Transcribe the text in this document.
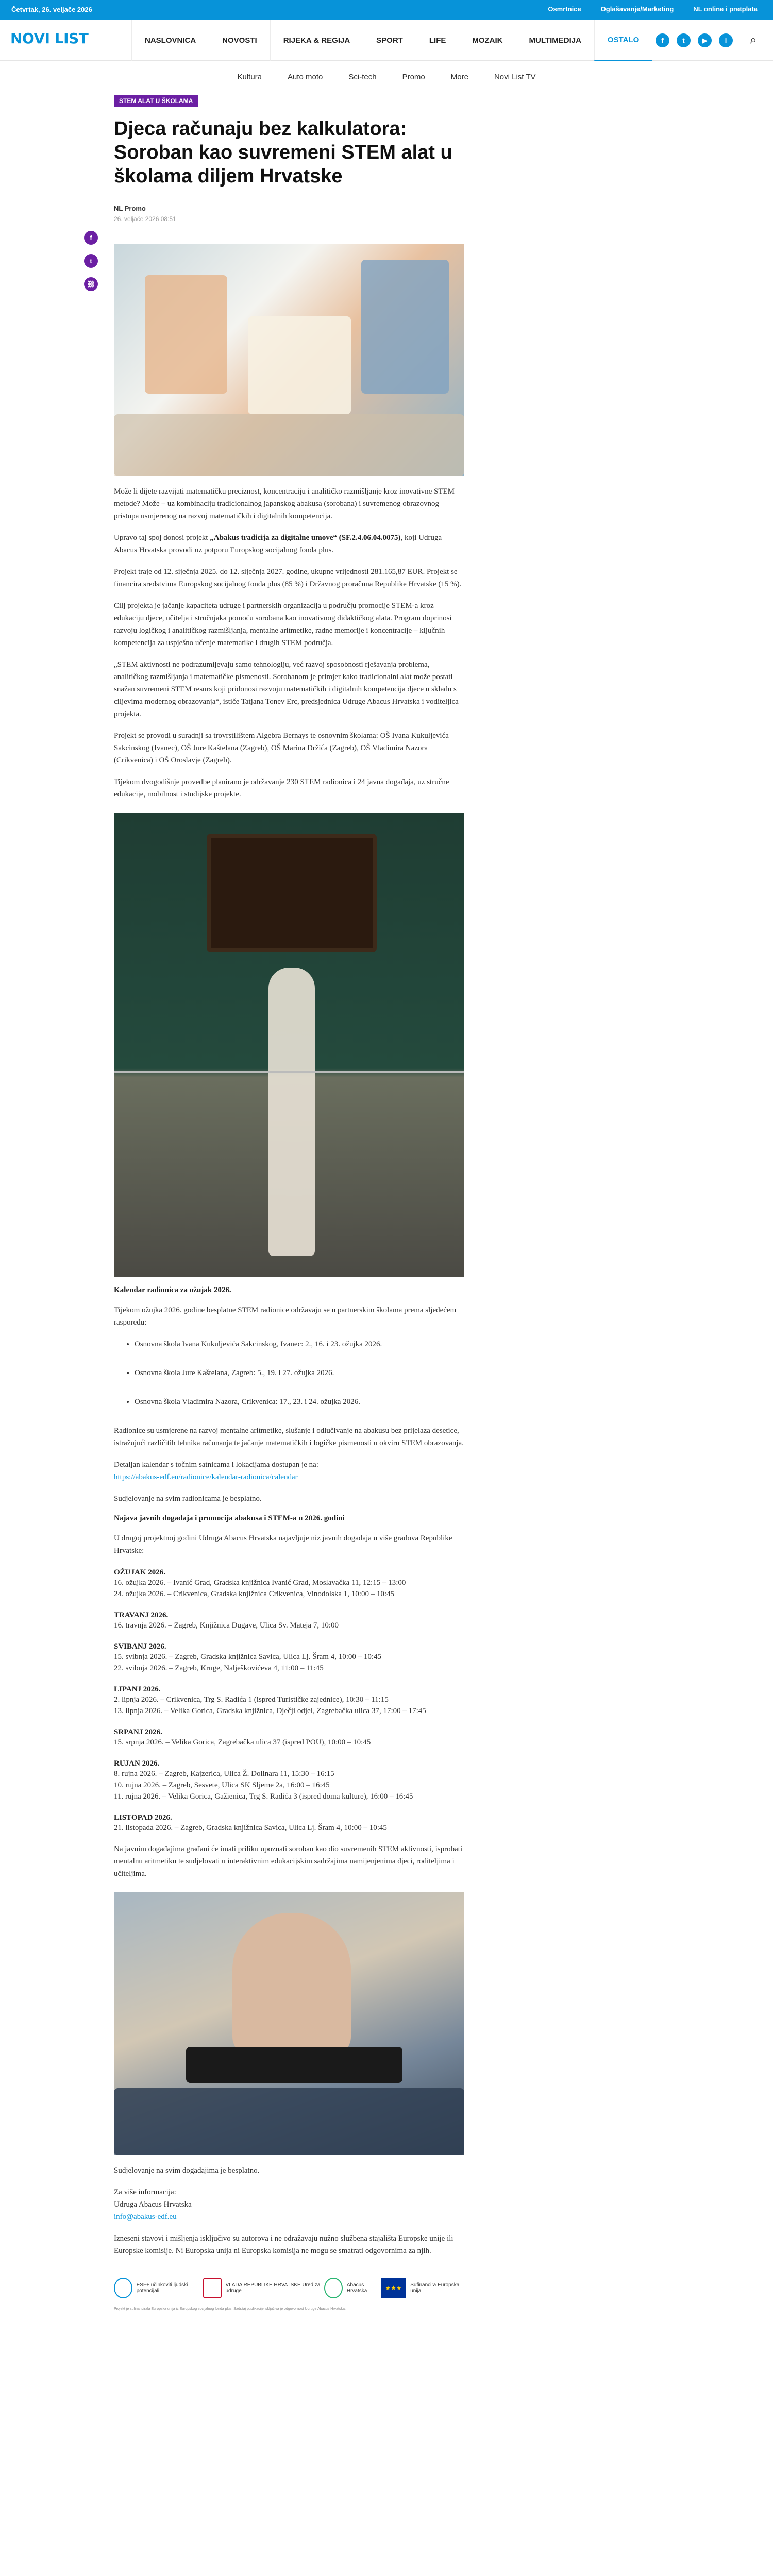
Četvrtak, 26. veljače 2026	Osmrtnice	Oglašavanje/Marketing	NL online i pretplata
NOVI LIST	NASLOVNICA	NOVOSTI	RIJEKA & REGIJA	SPORT	LIFE	MOZAIK	MULTIMEDIJA	OSTALO	f	t	▶	i	⌕
Kultura	Auto moto	Sci-tech	Promo	More	Novi List TV
f
t
⛓
STEM ALAT U ŠKOLAMA
Djeca računaju bez kalkulatora: Soroban kao suvremeni STEM alat u školama diljem Hrvatske
NL Promo
26. veljače 2026 08:51

Može li dijete razvijati matematičku preciznost, koncentraciju i analitičko razmišljanje kroz inovativne STEM metode? Može – uz kombinaciju tradicionalnog japanskog abakusa (sorobana) i suvremenog obrazovnog pristupa usmjerenog na razvoj matematičkih i digitalnih kompetencija.

Upravo taj spoj donosi projekt „Abakus tradicija za digitalne umove“ (SF.2.4.06.04.0075), koji Udruga Abacus Hrvatska provodi uz potporu Europskog socijalnog fonda plus.

Projekt traje od 12. siječnja 2025. do 12. siječnja 2027. godine, ukupne vrijednosti 281.165,87 EUR. Projekt se financira sredstvima Europskog socijalnog fonda plus (85 %) i Državnog proračuna Republike Hrvatske (15 %).

Cilj projekta je jačanje kapaciteta udruge i partnerskih organizacija u području promocije STEM-a kroz edukaciju djece, učitelja i stručnjaka pomoću sorobana kao inovativnog didaktičkog alata. Program doprinosi razvoju logičkog i analitičkog razmišljanja, mentalne aritmetike, radne memorije i koncentracije – ključnih kompetencija za uspješno učenje matematike i drugih STEM područja.

„STEM aktivnosti ne podrazumijevaju samo tehnologiju, već razvoj sposobnosti rješavanja problema, analitičkog razmišljanja i matematičke pismenosti. Sorobanom je primjer kako tradicionalni alat može postati snažan suvremeni STEM resurs koji pridonosi razvoju matematičkih i digitalnih kompetencija djece u skladu s ciljevima modernog obrazovanja“, ističe Tatjana Tonev Erc, predsjednica Udruge Abacus Hrvatska i voditeljica projekta.

Projekt se provodi u suradnji sa trovrstilištem Algebra Bernays te osnovnim školama: OŠ Ivana Kukuljevića Sakcinskog (Ivanec), OŠ Jure Kaštelana (Zagreb), OŠ Marina Držića (Zagreb), OŠ Vladimira Nazora (Crikvenica) i OŠ Oroslavje (Zagreb).

Tijekom dvogodišnje provedbe planirano je održavanje 230 STEM radionica i 24 javna događaja, uz stručne edukacije, mobilnost i studijske projekte.

Kalendar radionica za ožujak 2026.

Tijekom ožujka 2026. godine besplatne STEM radionice održavaju se u partnerskim školama prema sljedećem rasporedu:

• Osnovna škola Ivana Kukuljevića Sakcinskog, Ivanec: 2., 16. i 23. ožujka 2026.
• Osnovna škola Jure Kaštelana, Zagreb: 5., 19. i 27. ožujka 2026.
• Osnovna škola Vladimira Nazora, Crikvenica: 17., 23. i 24. ožujka 2026.

Radionice su usmjerene na razvoj mentalne aritmetike, slušanje i odlučivanje na abakusu bez prijelaza desetice, istražujući različitih tehnika računanja te jačanje matematičkih i logičke pismenosti u okviru STEM obrazovanja.

Detaljan kalendar s točnim satnicama i lokacijama dostupan je na:
https://abakus-edf.eu/radionice/kalendar-radionica/calendar

Sudjelovanje na svim radionicama je besplatno.

Najava javnih događaja i promocija abakusa i STEM-a u 2026. godini

U drugoj projektnoj godini Udruga Abacus Hrvatska najavljuje niz javnih događaja u više gradova Republike Hrvatske:

OŽUJAK 2026.
16. ožujka 2026. – Ivanić Grad, Gradska knjižnica Ivanić Grad, Moslavačka 11, 12:15 – 13:00
24. ožujka 2026. – Crikvenica, Gradska knjižnica Crikvenica, Vinodolska 1, 10:00 – 10:45
TRAVANJ 2026.
16. travnja 2026. – Zagreb, Knjižnica Dugave, Ulica Sv. Mateja 7, 10:00
SVIBANJ 2026.
15. svibnja 2026. – Zagreb, Gradska knjižnica Savica, Ulica Lj. Šram 4, 10:00 – 10:45
22. svibnja 2026. – Zagreb, Kruge, Nalješkovićeva 4, 11:00 – 11:45
LIPANJ 2026.
2. lipnja 2026. – Crikvenica, Trg S. Radića 1 (ispred Turističke zajednice), 10:30 – 11:15
13. lipnja 2026. – Velika Gorica, Gradska knjižnica, Dječji odjel, Zagrebačka ulica 37, 17:00 – 17:45
SRPANJ 2026.
15. srpnja 2026. – Velika Gorica, Zagrebačka ulica 37 (ispred POU), 10:00 – 10:45
RUJAN 2026.
8. rujna 2026. – Zagreb, Kajzerica, Ulica Ž. Dolinara 11, 15:30 – 16:15
10. rujna 2026. – Zagreb, Sesvete, Ulica SK Sljeme 2a, 16:00 – 16:45
11. rujna 2026. – Velika Gorica, Gažienica, Trg S. Radića 3 (ispred doma kulture), 16:00 – 16:45
LISTOPAD 2026.
21. listopada 2026. – Zagreb, Gradska knjižnica Savica, Ulica Lj. Šram 4, 10:00 – 10:45

Na javnim događajima građani će imati priliku upoznati soroban kao dio suvremenih STEM aktivnosti, isprobati mentalnu aritmetiku te sudjelovati u interaktivnim edukacijskim sadržajima namijenjenima djeci, roditeljima i učiteljima.

Sudjelovanje na svim događajima je besplatno.

Za više informacija:
Udruga Abacus Hrvatska
info@abakus-edf.eu

Izneseni stavovi i mišljenja isključivo su autorova i ne odražavaju nužno službena stajališta Europske unije ili Europske komisije. Ni Europska unija ni Europska komisija ne mogu se smatrati odgovornima za njih.

ESF+ učinkoviti ljudski potencijali
VLADA REPUBLIKE HRVATSKE Ured za udruge
Abacus Hrvatska	★★★	Sufinancira Europska unija
Projekt je sufinancirala Europska unija iz Europskog socijalnog fonda plus. Sadržaj publikacije isključiva je odgovornost Udruge Abacus Hrvatska.
